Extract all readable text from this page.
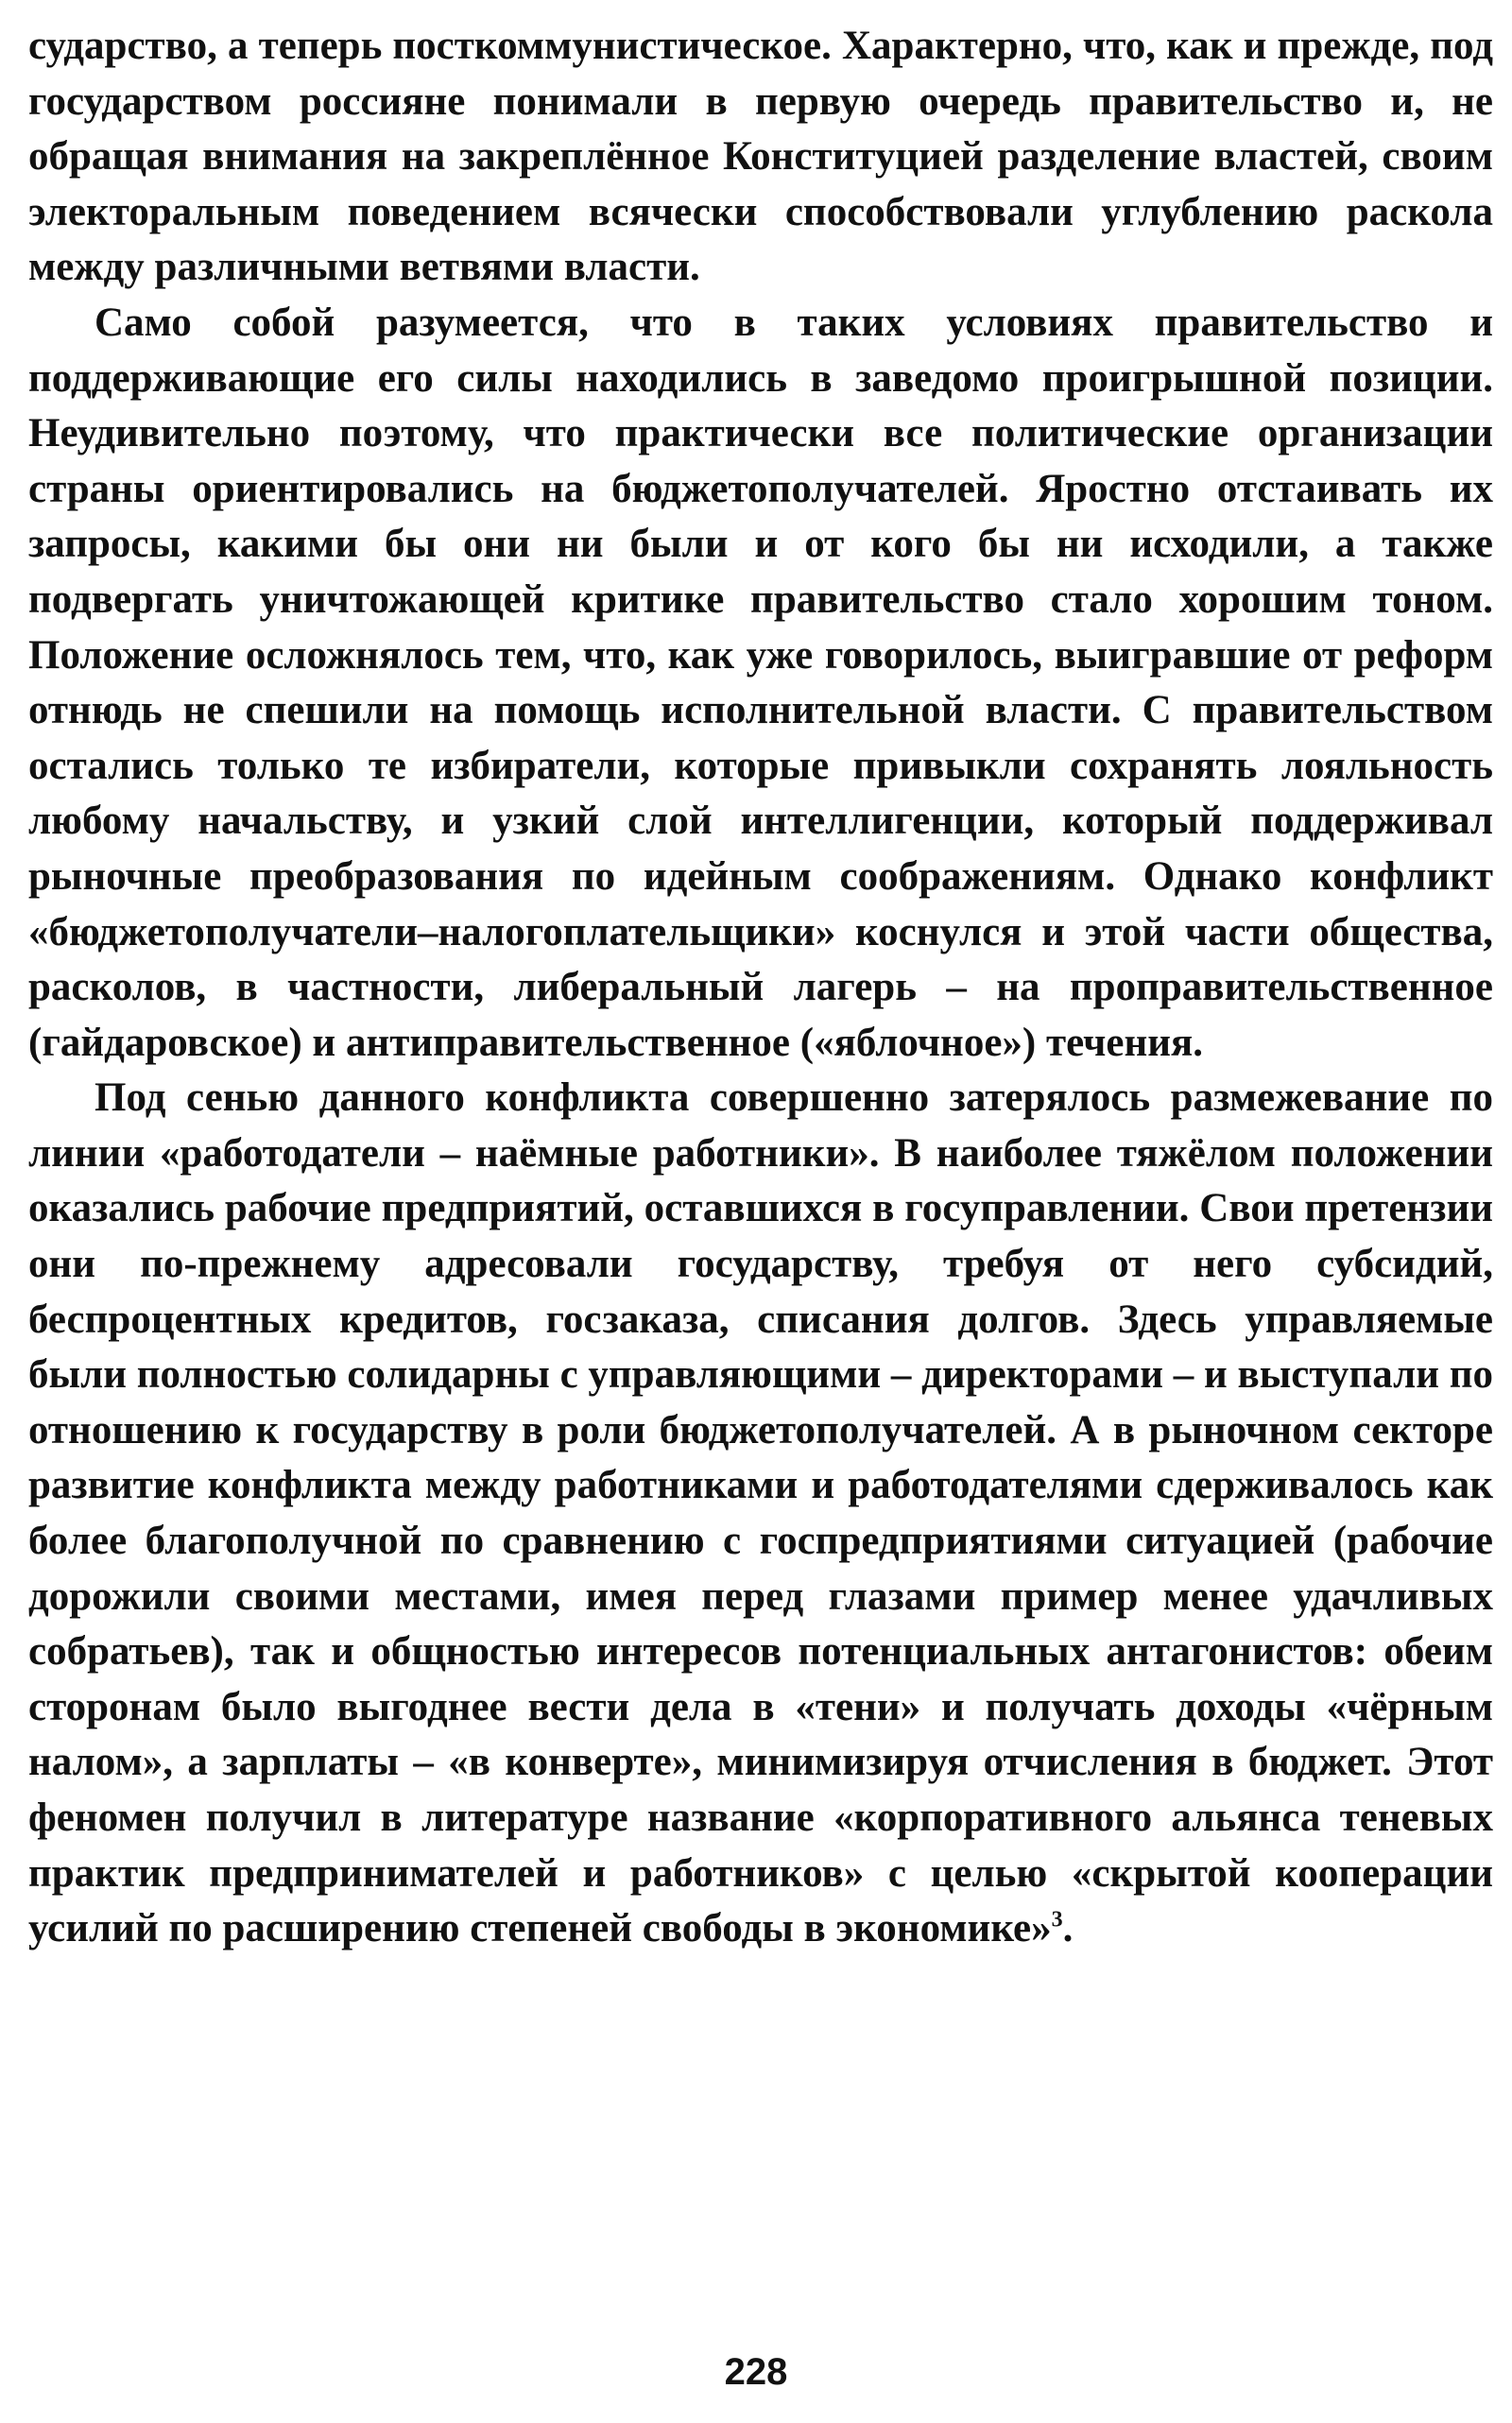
сударство, а теперь посткоммунистическое. Характерно, что, как и прежде, под государством россияне понимали в первую очередь правительство и, не обращая внимания на закреплённое Конституцией разделение властей, своим электоральным поведением всячески способствовали углублению раскола между различными ветвями власти.

Само собой разумеется, что в таких условиях правительство и поддерживающие его силы находились в заведомо проигрышной позиции. Неудивительно поэтому, что практически все политические организации страны ориентировались на бюджетополучателей. Яростно отстаивать их запросы, какими бы они ни были и от кого бы ни исходили, а также подвергать уничтожающей критике правительство стало хорошим тоном. Положение осложнялось тем, что, как уже говорилось, выигравшие от реформ отнюдь не спешили на помощь исполнительной власти. С правительством остались только те избиратели, которые привыкли сохранять лояльность любому начальству, и узкий слой интеллигенции, который поддерживал рыночные преобразования по идейным соображениям. Однако конфликт «бюджетополучатели–налогоплательщики» коснулся и этой части общества, расколов, в частности, либеральный лагерь – на проправительственное (гайдаровское) и антиправительственное («яблочное») течения.

Под сенью данного конфликта совершенно затерялось размежевание по линии «работодатели – наёмные работники». В наиболее тяжёлом положении оказались рабочие предприятий, оставшихся в госуправлении. Свои претензии они по-прежнему адресовали государству, требуя от него субсидий, беспроцентных кредитов, госзаказа, списания долгов. Здесь управляемые были полностью солидарны с управляющими – директорами – и выступали по отношению к государству в роли бюджетополучателей. А в рыночном секторе развитие конфликта между работниками и работодателями сдерживалось как более благополучной по сравнению с госпредприятиями ситуацией (рабочие дорожили своими местами, имея перед глазами пример менее удачливых собратьев), так и общностью интересов потенциальных антагонистов: обеим сторонам было выгоднее вести дела в «тени» и получать доходы «чёрным налом», а зарплаты – «в конверте», минимизируя отчисления в бюджет. Этот феномен получил в литературе название «корпоративного альянса теневых практик предпринимателей и работников» с целью «скрытой кооперации усилий по расширению степеней свободы в экономике»$^3$.

228
